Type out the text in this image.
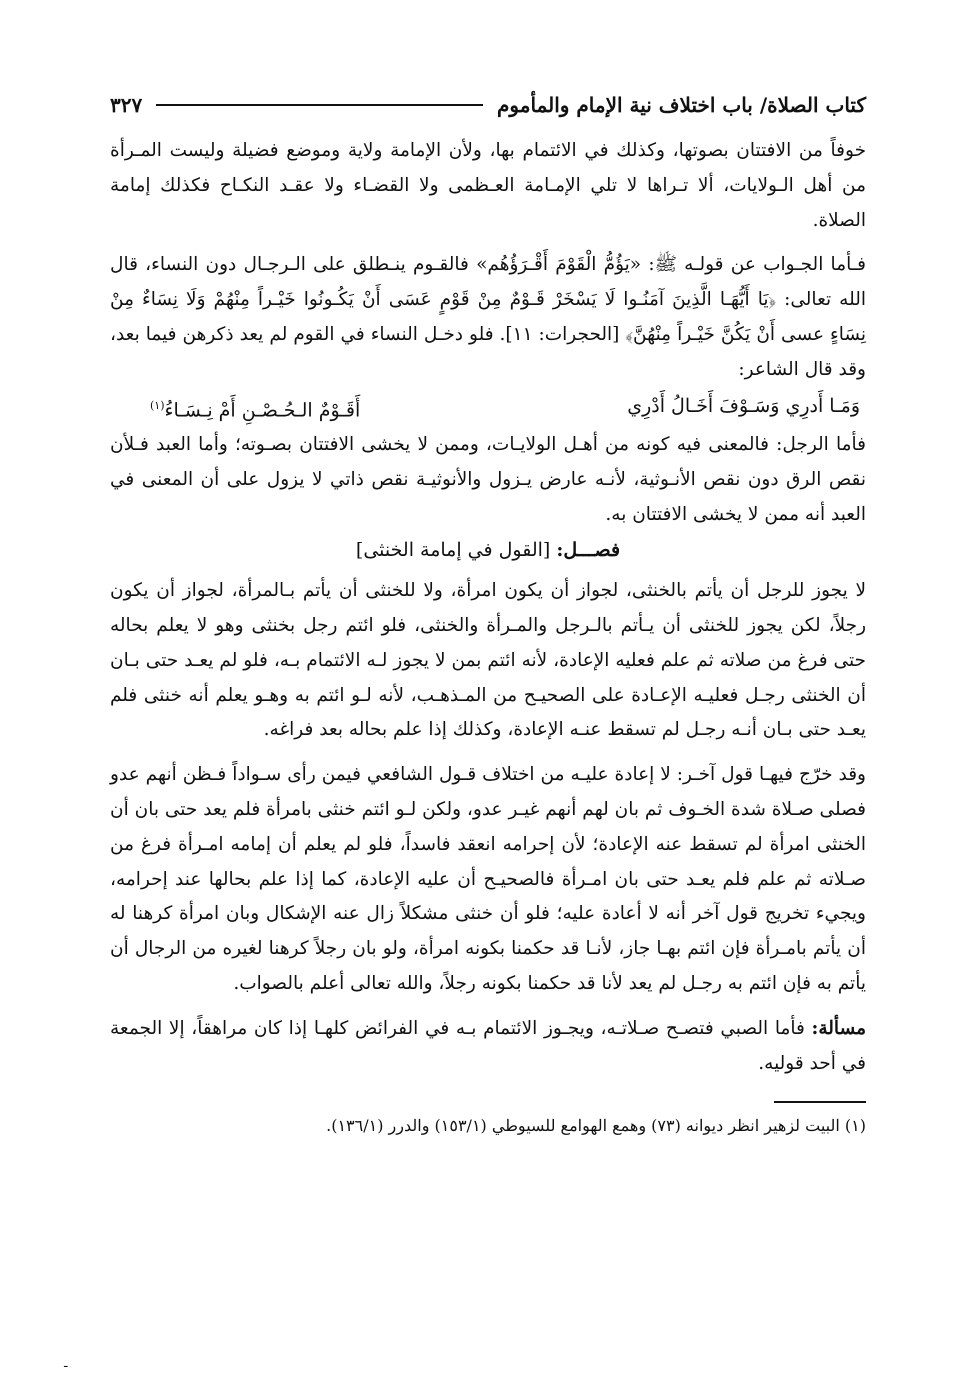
كتاب الصلاة/ باب اختلاف نية الإمام والمأموم
٣٢٧

خوفاً من الافتتان بصوتها، وكذلك في الائتمام بها، ولأن الإمامة ولاية وموضع فضيلة وليست المـرأة من أهل الـولايات، ألا تـراها لا تلي الإمـامة العـظمى ولا القضـاء ولا عقـد النكـاح فكذلك إمامة الصلاة.

فـأما الجـواب عن قولـه ﷺ: «يَؤُمُّ الْقَوْمَ أَقْـرَؤُهُم» فالقـوم ينـطلق على الـرجـال دون النساء، قال الله تعالى: ﴿يَا أَيُّهَـا الَّذِينَ آمَنُـوا لَا يَسْخَرْ قَـوْمٌ مِنْ قَوْمٍ عَسَى أَنْ يَكُـونُوا خَيْـراً مِنْهُمْ وَلَا نِسَاءٌ مِنْ نِسَاءٍ عسى أَنْ يَكُنَّ خَيْـراً مِنْهُنَّ﴾ [الحجرات: ١١]. فلو دخـل النساء في القوم لم يعد ذكرهن فيما بعد، وقد قال الشاعر:

وَمَـا أَدرِي وَسَـوْفَ أَخَـالُ أَدْرِي
أَقَـوْمٌ الـحُـصْـنِ أَمْ نِـسَـاءُ$^{(١)}$

فأما الرجل: فالمعنى فيه كونه من أهـل الولايـات، وممن لا يخشى الافتتان بصـوته؛ وأما العبد فـلأن نقص الرق دون نقص الأنـوثية، لأنـه عارض يـزول والأنوثيـة نقص ذاتي لا يزول على أن المعنى في العبد أنه ممن لا يخشى الافتتان به.

فصـــل: [القول في إمامة الخنثى]

لا يجوز للرجل أن يأتم بالخنثى، لجواز أن يكون امرأة، ولا للخنثى أن يأتم بـالمرأة، لجواز أن يكون رجلاً، لكن يجوز للخنثى أن يـأتم بالـرجل والمـرأة والخنثى، فلو ائتم رجل بخنثى وهو لا يعلم بحاله حتى فرغ من صلاته ثم علم فعليه الإعادة، لأنه ائتم بمن لا يجوز لـه الائتمام بـه، فلو لم يعـد حتى بـان أن الخنثى رجـل فعليـه الإعـادة على الصحيـح من المـذهـب، لأنه لـو ائتم به وهـو يعلم أنه خنثى فلم يعـد حتى بـان أنـه رجـل لم تسقط عنـه الإعادة، وكذلك إذا علم بحاله بعد فراغه.

وقد خرّج فيهـا قول آخـر: لا إعادة عليـه من اختلاف قـول الشافعي فيمن رأى سـواداً فـظن أنهم عدو فصلى صـلاة شدة الخـوف ثم بان لهم أنهم غيـر عدو، ولكن لـو ائتم خنثى بامرأة فلم يعد حتى بان أن الخنثى امرأة لم تسقط عنه الإعادة؛ لأن إحرامه انعقد فاسداً، فلو لم يعلم أن إمامه امـرأة فرغ من صـلاته ثم علم فلم يعـد حتى بان امـرأة فالصحيـح أن عليه الإعادة، كما إذا علم بحالها عند إحرامه، ويجيء تخريج قول آخر أنه لا أعادة عليه؛ فلو أن خنثى مشكلاً زال عنه الإشكال وبان امرأة كرهنا له أن يأتم بامـرأة فإن ائتم بهـا جاز، لأنـا قد حكمنا بكونه امرأة، ولو بان رجلاً كرهنا لغيره من الرجال أن يأتم به فإن ائتم به رجـل لم يعد لأنا قد حكمنا بكونه رجلاً، والله تعالى أعلم بالصواب.

مسألة: فأما الصبي فتصـح صـلاتـه، ويجـوز الائتمام بـه في الفرائض كلهـا إذا كان مراهقاً، إلا الجمعة في أحد قوليه.

(١) البيت لزهير انظر ديوانه (٧٣) وهمع الهوامع للسيوطي (١٥٣/١) والدرر (١٣٦/١).
ـ
